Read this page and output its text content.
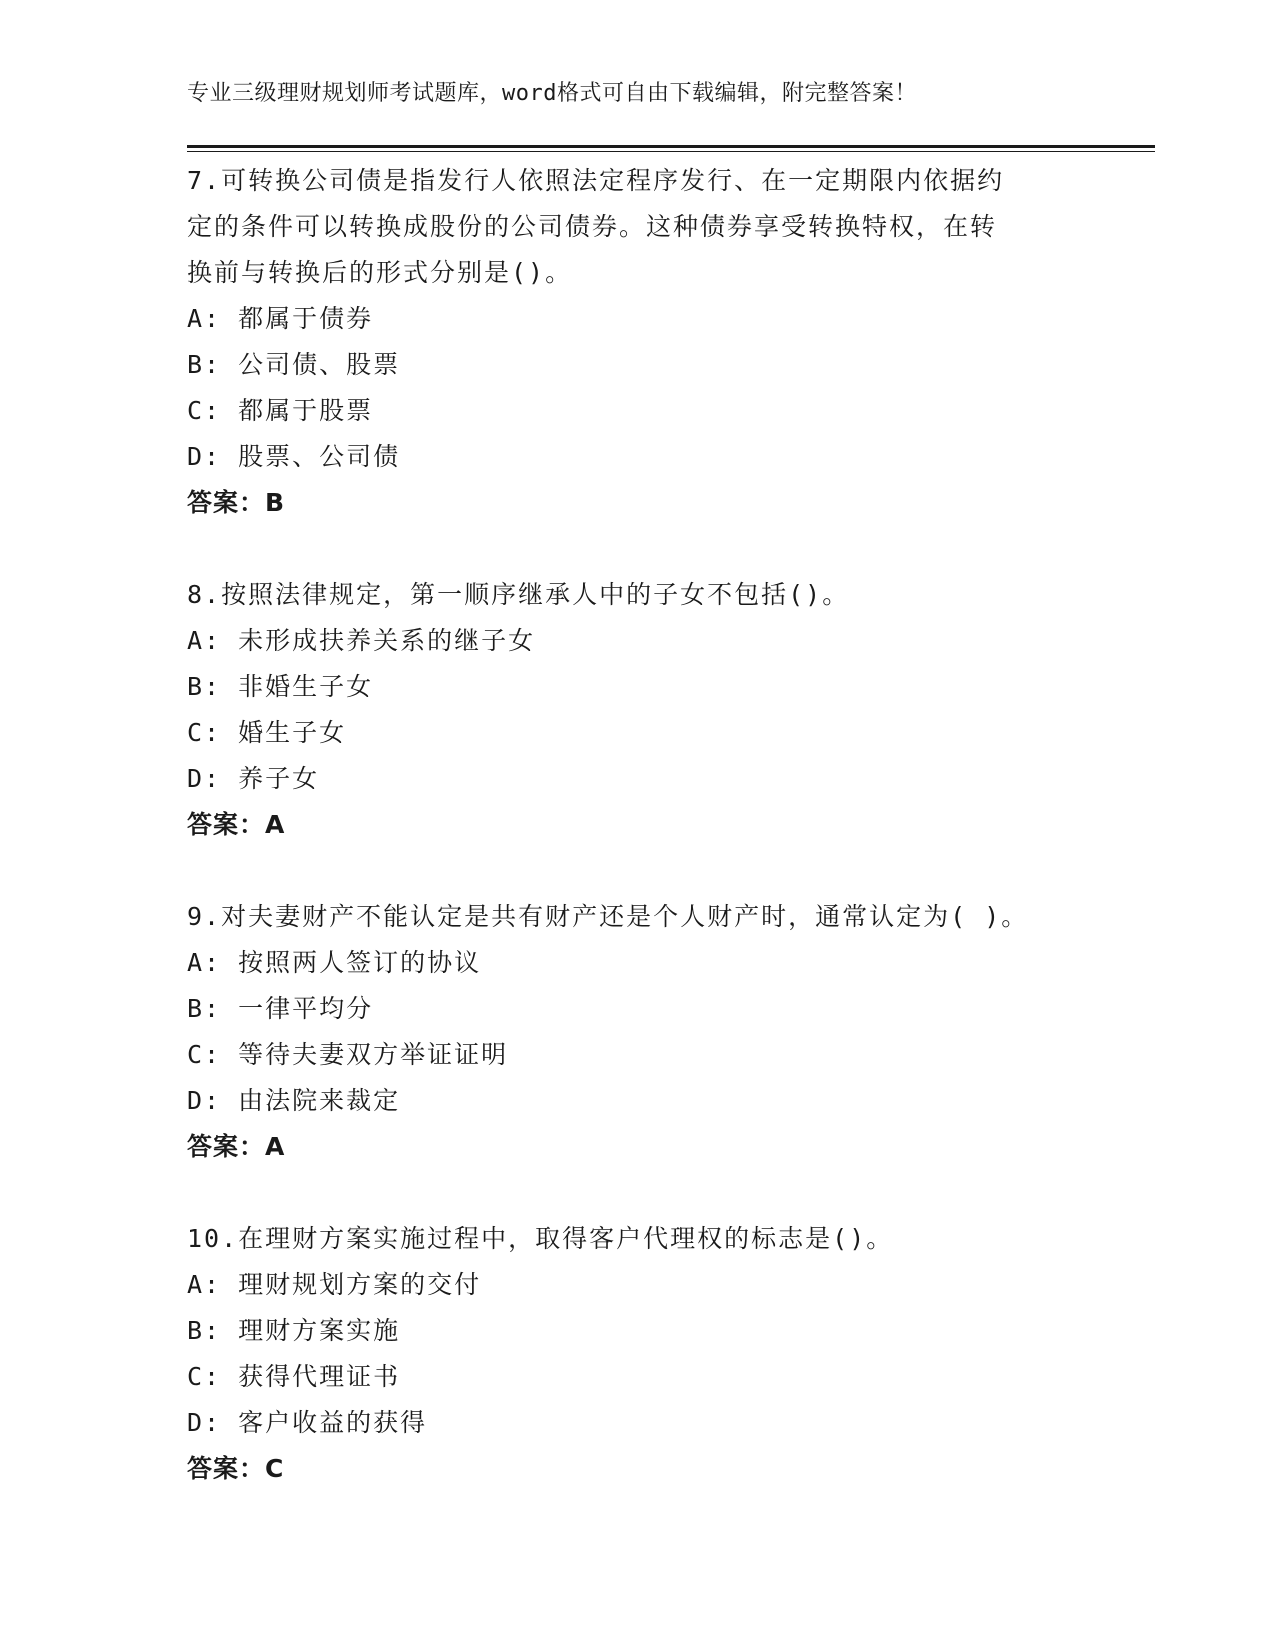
专业三级理财规划师考试题库，word格式可自由下载编辑，附完整答案！
7.可转换公司债是指发行人依照法定程序发行、在一定期限内依据约
定的条件可以转换成股份的公司债券。这种债券享受转换特权，在转
换前与转换后的形式分别是()。
A: 都属于债券
B: 公司债、股票
C: 都属于股票
D: 股票、公司债
答案：B
8.按照法律规定，第一顺序继承人中的子女不包括()。
A: 未形成扶养关系的继子女
B: 非婚生子女
C: 婚生子女
D: 养子女
答案：A
9.对夫妻财产不能认定是共有财产还是个人财产时，通常认定为( )。
A: 按照两人签订的协议
B: 一律平均分
C: 等待夫妻双方举证证明
D: 由法院来裁定
答案：A
10.在理财方案实施过程中，取得客户代理权的标志是()。
A: 理财规划方案的交付
B: 理财方案实施
C: 获得代理证书
D: 客户收益的获得
答案：C
